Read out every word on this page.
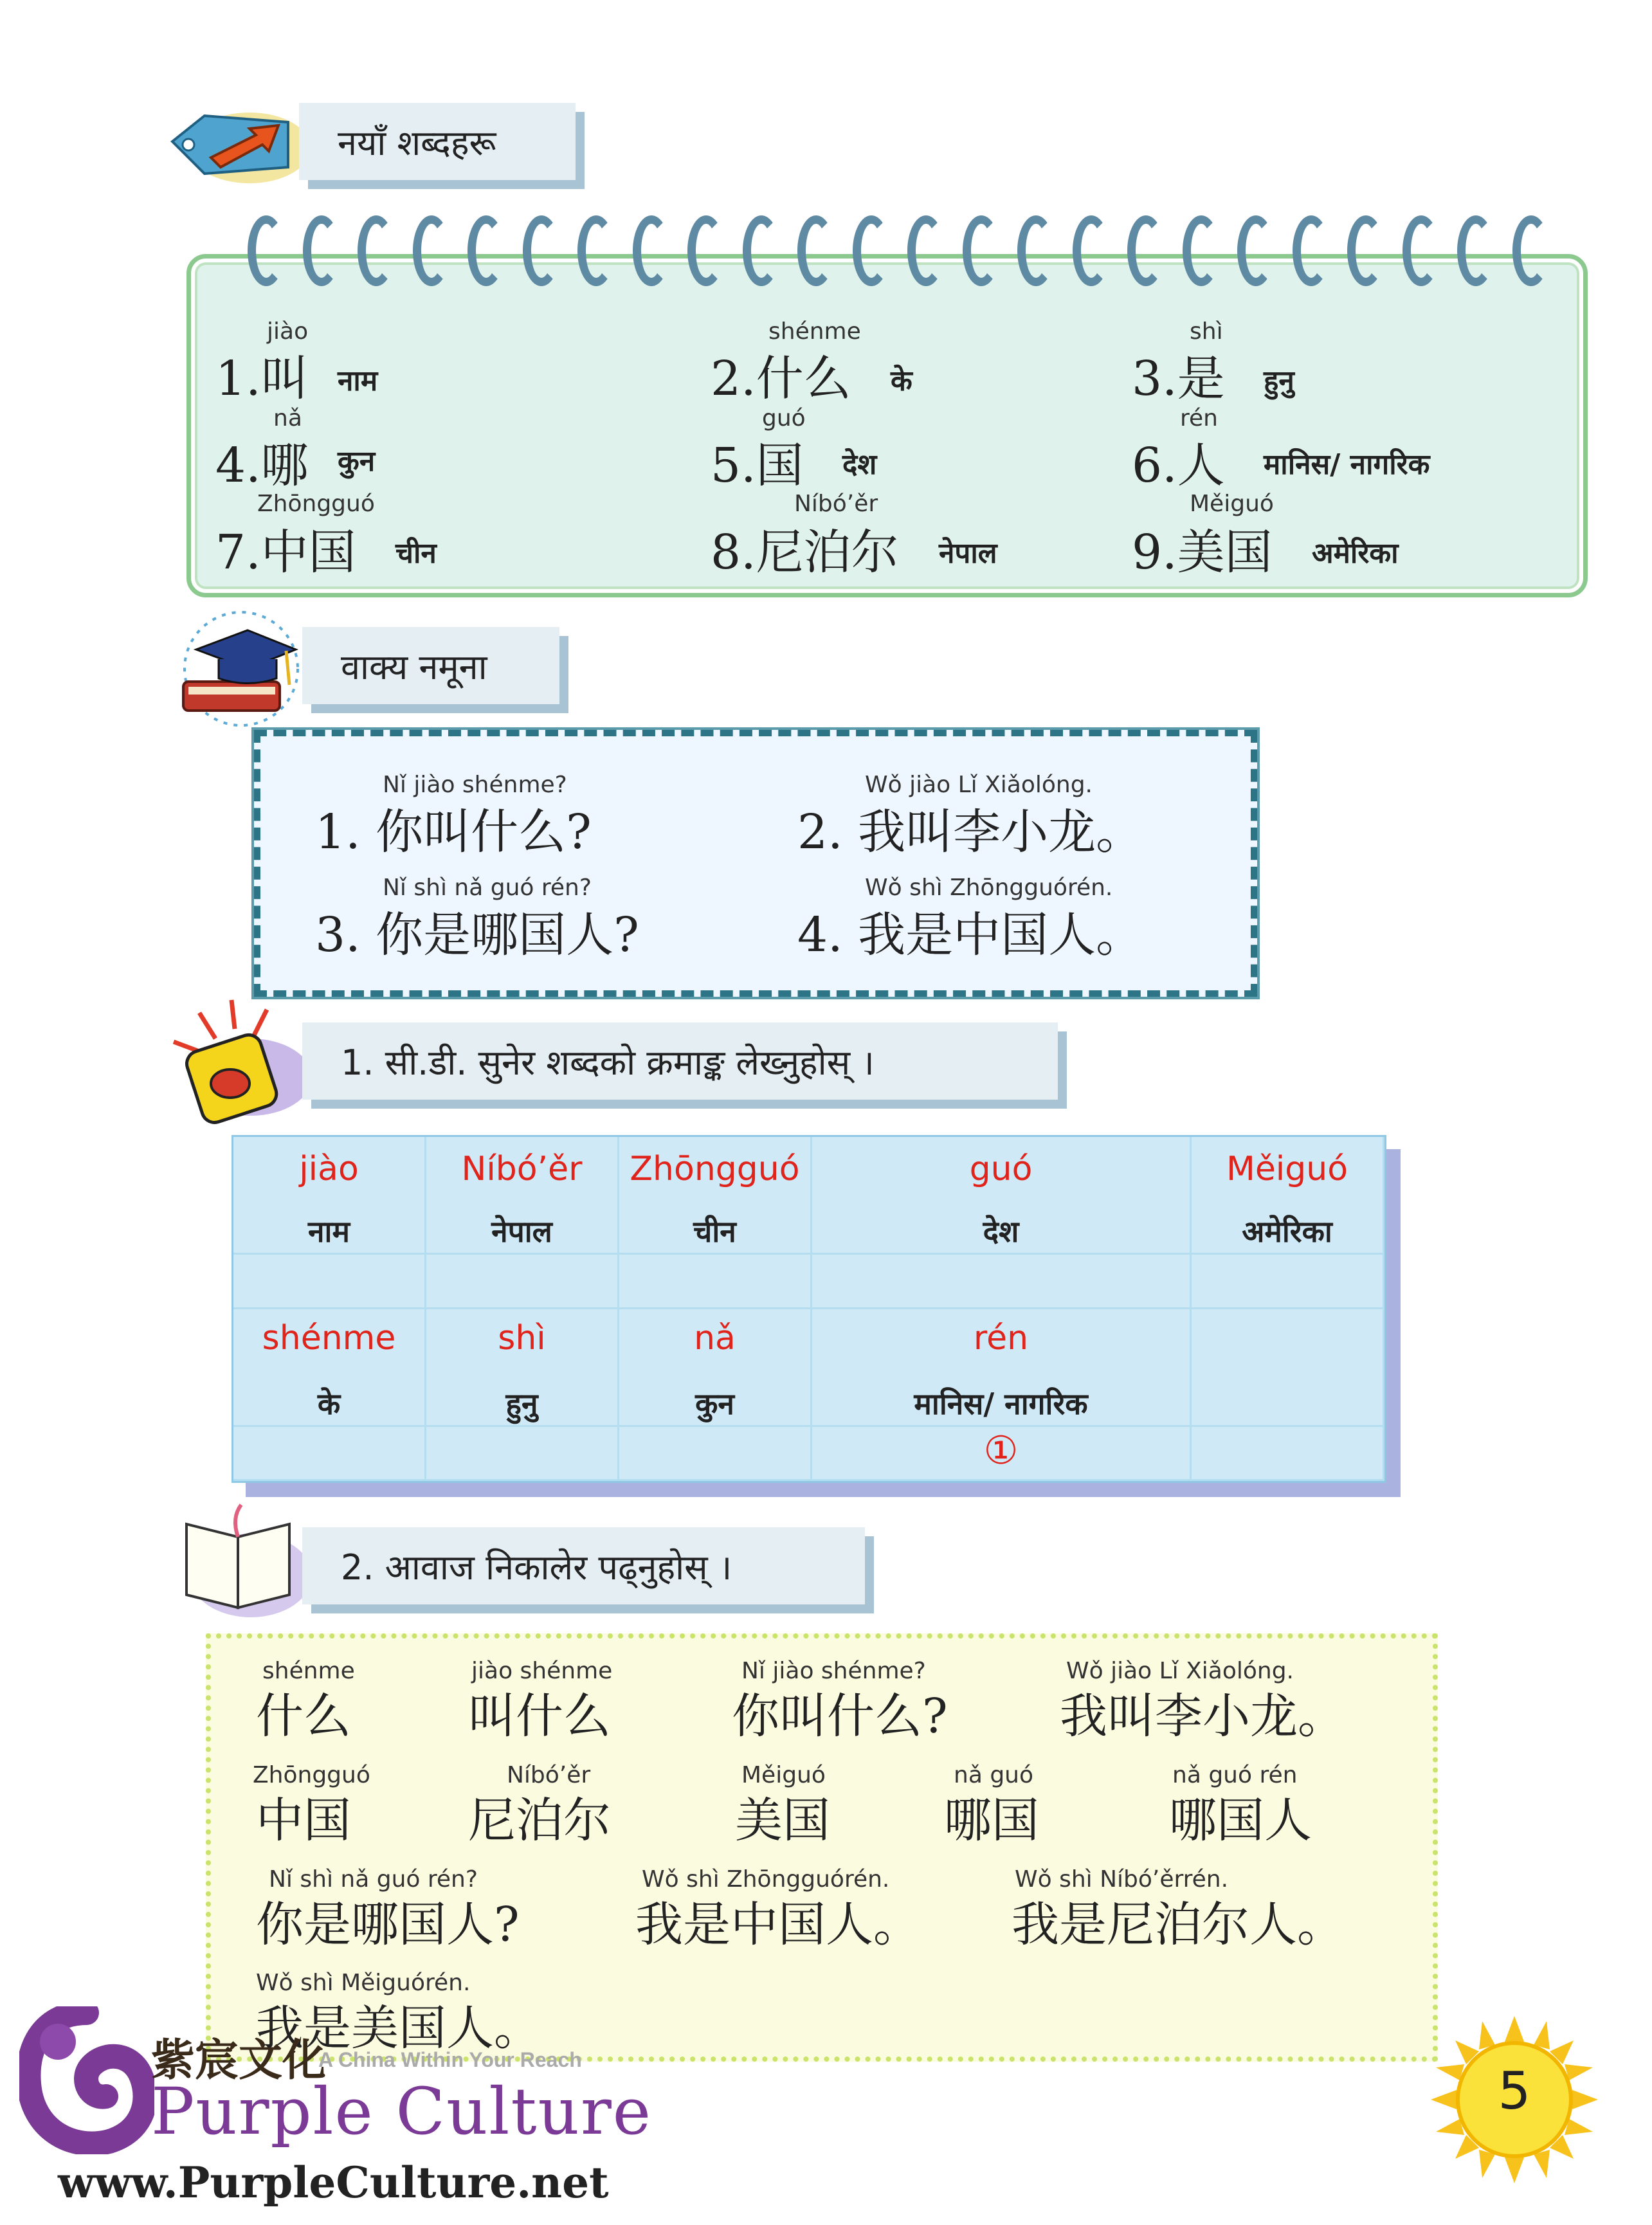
नयाँ शब्दहरू
jiào
1.叫 नाम
shénme
2.什么 के
shì
3.是 हुनु
nǎ
4.哪 कुन
guó
5.国 देश
rén
6.人 मानिस/ नागरिक
Zhōngguó
7.中国 चीन
Níbó’ěr
8.尼泊尔 नेपाल
Měiguó
9.美国 अमेरिका
वाक्य नमूना
Nǐ jiào shénme?
1. 你叫什么?
Wǒ jiào Lǐ Xiǎolóng.
2. 我叫李小龙。
Nǐ shì nǎ guó rén?
3. 你是哪国人?
Wǒ shì Zhōngguórén.
4. 我是中国人。
1. सी.डी. सुनेर शब्दको क्रमाङ्क लेख्नुहोस् ।
jiào
नाम
Níbó’ěr
नेपाल
Zhōngguó
चीन
guó
देश
Měiguó
अमेरिका
shénme
के
shì
हुनु
nǎ
कुन
rén
मानिस/ नागरिक
①
2. आवाज निकालेर पढ्नुहोस् ।
shénme
什么
jiào shénme
叫什么
Nǐ jiào shénme?
你叫什么?
Wǒ jiào Lǐ Xiǎolóng.
我叫李小龙。
Zhōngguó
中国
Níbó’ěr
尼泊尔
Měiguó
美国
nǎ guó
哪国
nǎ guó rén
哪国人
Nǐ shì nǎ guó rén?
你是哪国人?
Wǒ shì Zhōngguórén.
我是中国人。
Wǒ shì Níbó’ěrrén.
我是尼泊尔人。
Wǒ shì Měiguórén.
我是美国人。
紫宸文化
A China Within Your Reach
Purple Culture
www.PurpleCulture.net
5
